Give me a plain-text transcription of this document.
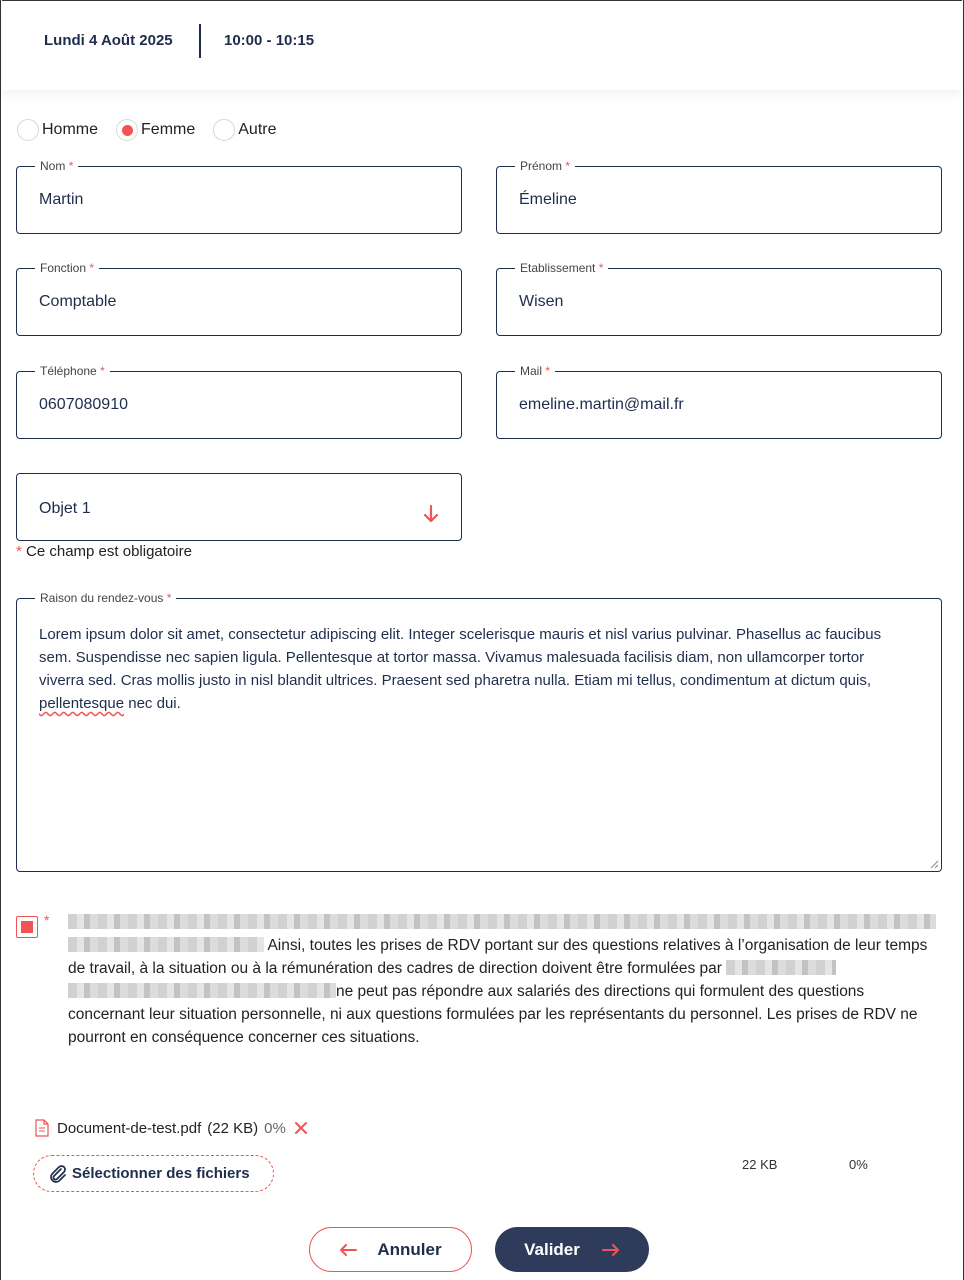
Lundi 4 Août 2025	10:00 - 10:15
Homme	Femme	Autre
Nom *
Martin
Prénom *
Émeline
Fonction *
Comptable
Etablissement *
Wisen
Téléphone *
0607080910
Mail *
emeline.martin@mail.fr
Objet 1
* Ce champ est obligatoire
Raison du rendez-vous *
Lorem ipsum dolor sit amet, consectetur adipiscing elit. Integer scelerisque mauris et nisl varius pulvinar. Phasellus ac faucibus sem. Suspendisse nec sapien ligula. Pellentesque at tortor massa. Vivamus malesuada facilisis diam, non ullamcorper tortor viverra sed. Cras mollis justo in nisl blandit ultrices. Praesent sed pharetra nulla. Etiam mi tellus, condimentum at dictum quis, pellentesque nec dui.
*

Ainsi, toutes les prises de RDV portant sur des questions relatives à l’organisation de leur temps de travail, à la situation ou à la rémunération des cadres de direction doivent être formulées par
ne peut pas répondre aux salariés des directions qui formulent des questions concernant leur situation personnelle, ni aux questions formulées par les représentants du personnel. Les prises de RDV ne pourront en conséquence concerner ces situations.
Document-de-test.pdf (22 KB) 0%
Sélectionner des fichiers
22 KB	0%
Annuler	Valider
